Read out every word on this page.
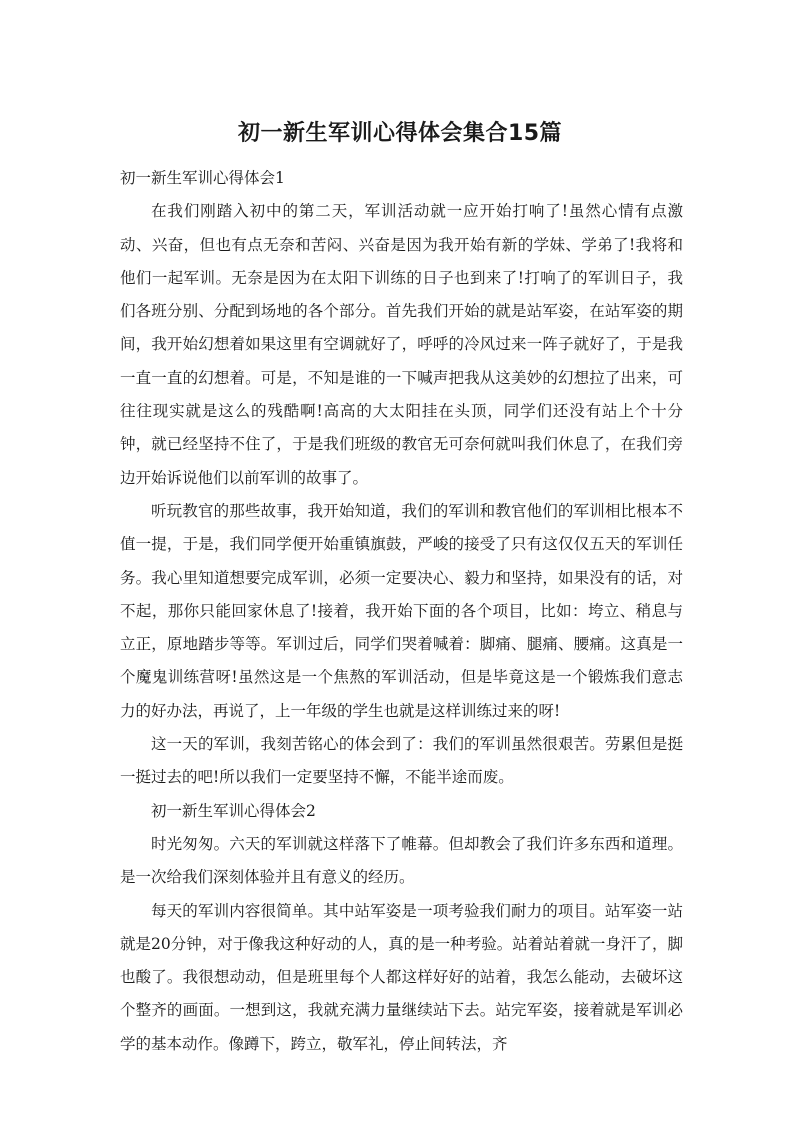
初一新生军训心得体会集合15篇

初一新生军训心得体会1

在我们刚踏入初中的第二天，军训活动就一应开始打响了!虽然心情有点激动、兴奋，但也有点无奈和苦闷、兴奋是因为我开始有新的学妹、学弟了!我将和他们一起军训。无奈是因为在太阳下训练的日子也到来了!打响了的军训日子，我们各班分别、分配到场地的各个部分。首先我们开始的就是站军姿，在站军姿的期间，我开始幻想着如果这里有空调就好了，呼呼的冷风过来一阵子就好了，于是我一直一直的幻想着。可是，不知是谁的一下喊声把我从这美妙的幻想拉了出来，可往往现实就是这么的残酷啊!高高的大太阳挂在头顶，同学们还没有站上个十分钟，就已经坚持不住了，于是我们班级的教官无可奈何就叫我们休息了，在我们旁边开始诉说他们以前军训的故事了。

听玩教官的那些故事，我开始知道，我们的军训和教官他们的军训相比根本不值一提，于是，我们同学便开始重镇旗鼓，严峻的接受了只有这仅仅五天的军训任务。我心里知道想要完成军训，必须一定要决心、毅力和坚持，如果没有的话，对不起，那你只能回家休息了!接着，我开始下面的各个项目，比如：垮立、稍息与立正，原地踏步等等。军训过后，同学们哭着喊着：脚痛、腿痛、腰痛。这真是一个魔鬼训练营呀!虽然这是一个焦熬的军训活动，但是毕竟这是一个锻炼我们意志力的好办法，再说了，上一年级的学生也就是这样训练过来的呀!

这一天的军训，我刻苦铭心的体会到了：我们的军训虽然很艰苦。劳累但是挺一挺过去的吧!所以我们一定要坚持不懈，不能半途而废。

初一新生军训心得体会2

时光匆匆。六天的军训就这样落下了帷幕。但却教会了我们许多东西和道理。是一次给我们深刻体验并且有意义的经历。

每天的军训内容很简单。其中站军姿是一项考验我们耐力的项目。站军姿一站就是20分钟，对于像我这种好动的人，真的是一种考验。站着站着就一身汗了，脚也酸了。我很想动动，但是班里每个人都这样好好的站着，我怎么能动，去破坏这个整齐的画面。一想到这，我就充满力量继续站下去。站完军姿，接着就是军训必学的基本动作。像蹲下，跨立，敬军礼，停止间转法，齐
